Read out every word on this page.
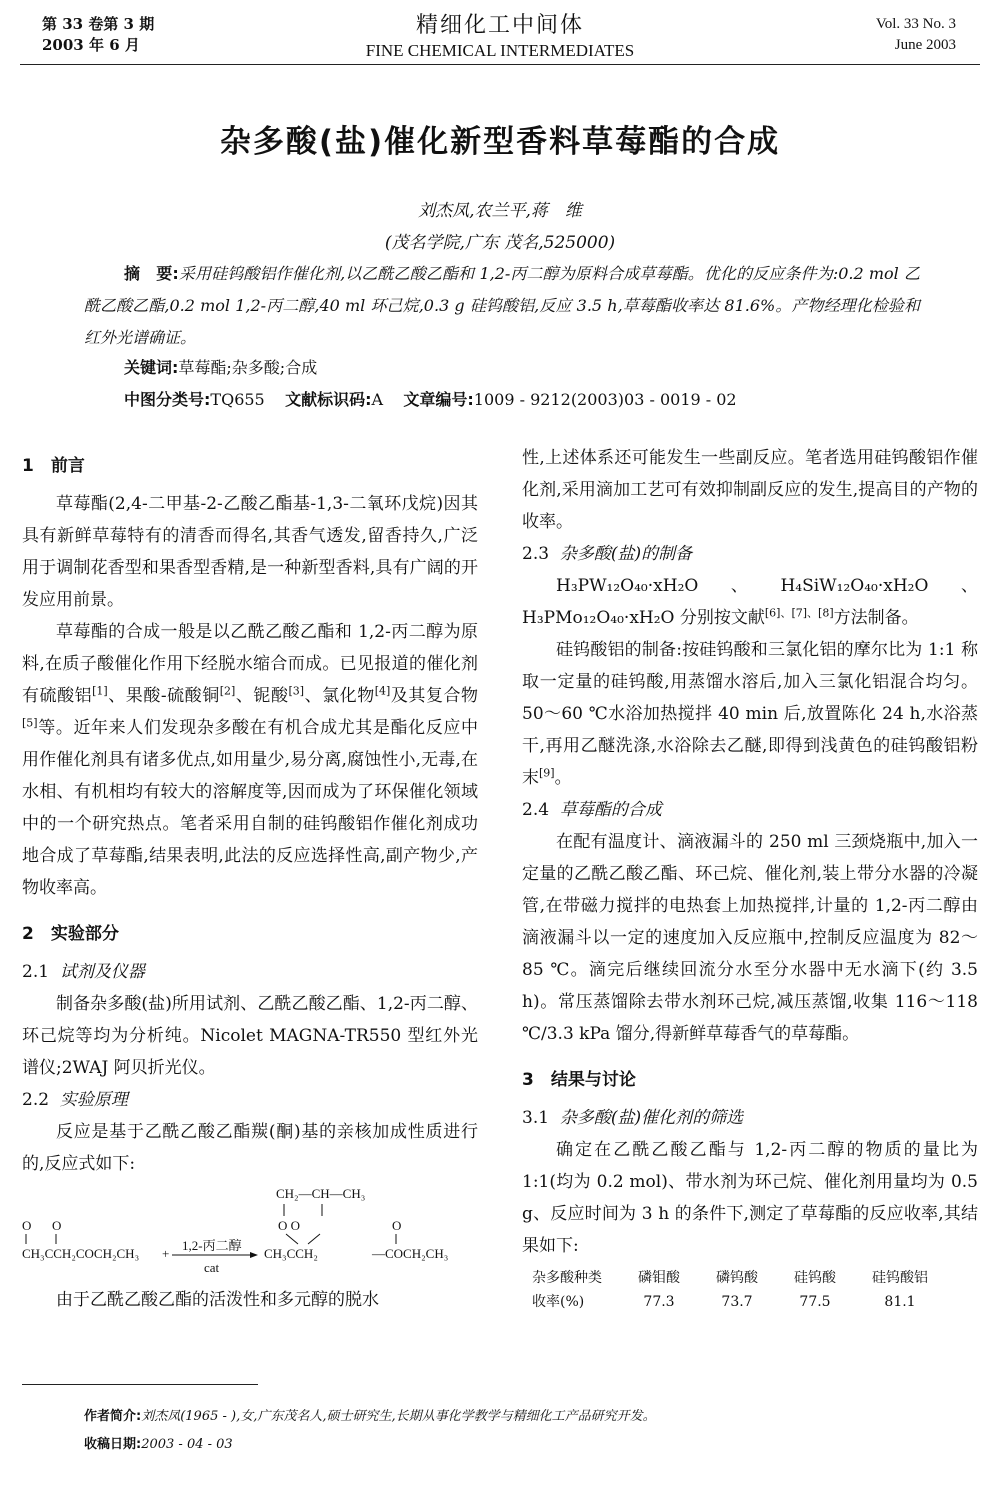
第 33 卷第 3 期
2003 年 6 月
精细化工中间体
FINE CHEMICAL INTERMEDIATES
Vol. 33 No. 3
June 2003
杂多酸(盐)催化新型香料草莓酯的合成
刘杰凤,农兰平,蒋　维
(茂名学院,广东 茂名,525000)
摘　要:采用硅钨酸铝作催化剂,以乙酰乙酸乙酯和 1,2-丙二醇为原料合成草莓酯。优化的反应条件为:0.2 mol 乙酰乙酸乙酯,0.2 mol 1,2-丙二醇,40 ml 环己烷,0.3 g 硅钨酸铝,反应 3.5 h,草莓酯收率达 81.6%。产物经理化检验和红外光谱确证。
关键词:草莓酯;杂多酸;合成
中图分类号:TQ655 文献标识码:A 文章编号:1009 - 9212(2003)03 - 0019 - 02

1　前言

草莓酯(2,4-二甲基-2-乙酸乙酯基-1,3-二氧环戊烷)因其具有新鲜草莓特有的清香而得名,其香气透发,留香持久,广泛用于调制花香型和果香型香精,是一种新型香料,具有广阔的开发应用前景。

草莓酯的合成一般是以乙酰乙酸乙酯和 1,2-丙二醇为原料,在质子酸催化作用下经脱水缩合而成。已见报道的催化剂有硫酸铝[1]、果酸-硫酸铜[2]、铌酸[3]、氯化物[4]及其复合物[5]等。近年来人们发现杂多酸在有机合成尤其是酯化反应中用作催化剂具有诸多优点,如用量少,易分离,腐蚀性小,无毒,在水相、有机相均有较大的溶解度等,因而成为了环保催化领域中的一个研究热点。笔者采用自制的硅钨酸铝作催化剂成功地合成了草莓酯,结果表明,此法的反应选择性高,副产物少,产物收率高。

2　实验部分

2.1 试剂及仪器

制备杂多酸(盐)所用试剂、乙酰乙酸乙酯、1,2-丙二醇、环己烷等均为分析纯。Nicolet MAGNA-TR550 型红外光谱仪;2WAJ 阿贝折光仪。

2.2 实验原理

反应是基于乙酰乙酸乙酯羰(酮)基的亲核加成性质进行的,反应式如下:

O O
CH₃CCH₂COCH₂CH₃ +
1,2-丙二醇
cat
CH₂—CH—CH₃
O O
CH₃CCH₂
O
—COCH₂CH₃

由于乙酰乙酸乙酯的活泼性和多元醇的脱水

性,上述体系还可能发生一些副反应。笔者选用硅钨酸铝作催化剂,采用滴加工艺可有效抑制副反应的发生,提高目的产物的收率。

2.3 杂多酸(盐)的制备

H₃PW₁₂O₄₀·xH₂O、H₄SiW₁₂O₄₀·xH₂O、H₃PMo₁₂O₄₀·xH₂O 分别按文献[6]、[7]、[8]方法制备。

硅钨酸铝的制备:按硅钨酸和三氯化铝的摩尔比为 1:1 称取一定量的硅钨酸,用蒸馏水溶后,加入三氯化铝混合均匀。50～60 ℃水浴加热搅拌 40 min 后,放置陈化 24 h,水浴蒸干,再用乙醚洗涤,水浴除去乙醚,即得到浅黄色的硅钨酸铝粉末[9]。

2.4 草莓酯的合成

在配有温度计、滴液漏斗的 250 ml 三颈烧瓶中,加入一定量的乙酰乙酸乙酯、环己烷、催化剂,装上带分水器的冷凝管,在带磁力搅拌的电热套上加热搅拌,计量的 1,2-丙二醇由滴液漏斗以一定的速度加入反应瓶中,控制反应温度为 82～85 ℃。滴完后继续回流分水至分水器中无水滴下(约 3.5 h)。常压蒸馏除去带水剂环己烷,减压蒸馏,收集 116～118 ℃/3.3 kPa 馏分,得新鲜草莓香气的草莓酯。

3　结果与讨论

3.1 杂多酸(盐)催化剂的筛选

确定在乙酰乙酸乙酯与 1,2-丙二醇的物质的量比为 1:1(均为 0.2 mol)、带水剂为环己烷、催化剂用量均为 0.5 g、反应时间为 3 h 的条件下,测定了草莓酯的反应收率,其结果如下:

杂多酸种类	磷钼酸	磷钨酸	硅钨酸	硅钨酸铝
收率(%)	77.3	73.7	77.5	81.1
作者简介:刘杰凤(1965 - ),女,广东茂名人,硕士研究生,长期从事化学教学与精细化工产品研究开发。
收稿日期:2003 - 04 - 03
